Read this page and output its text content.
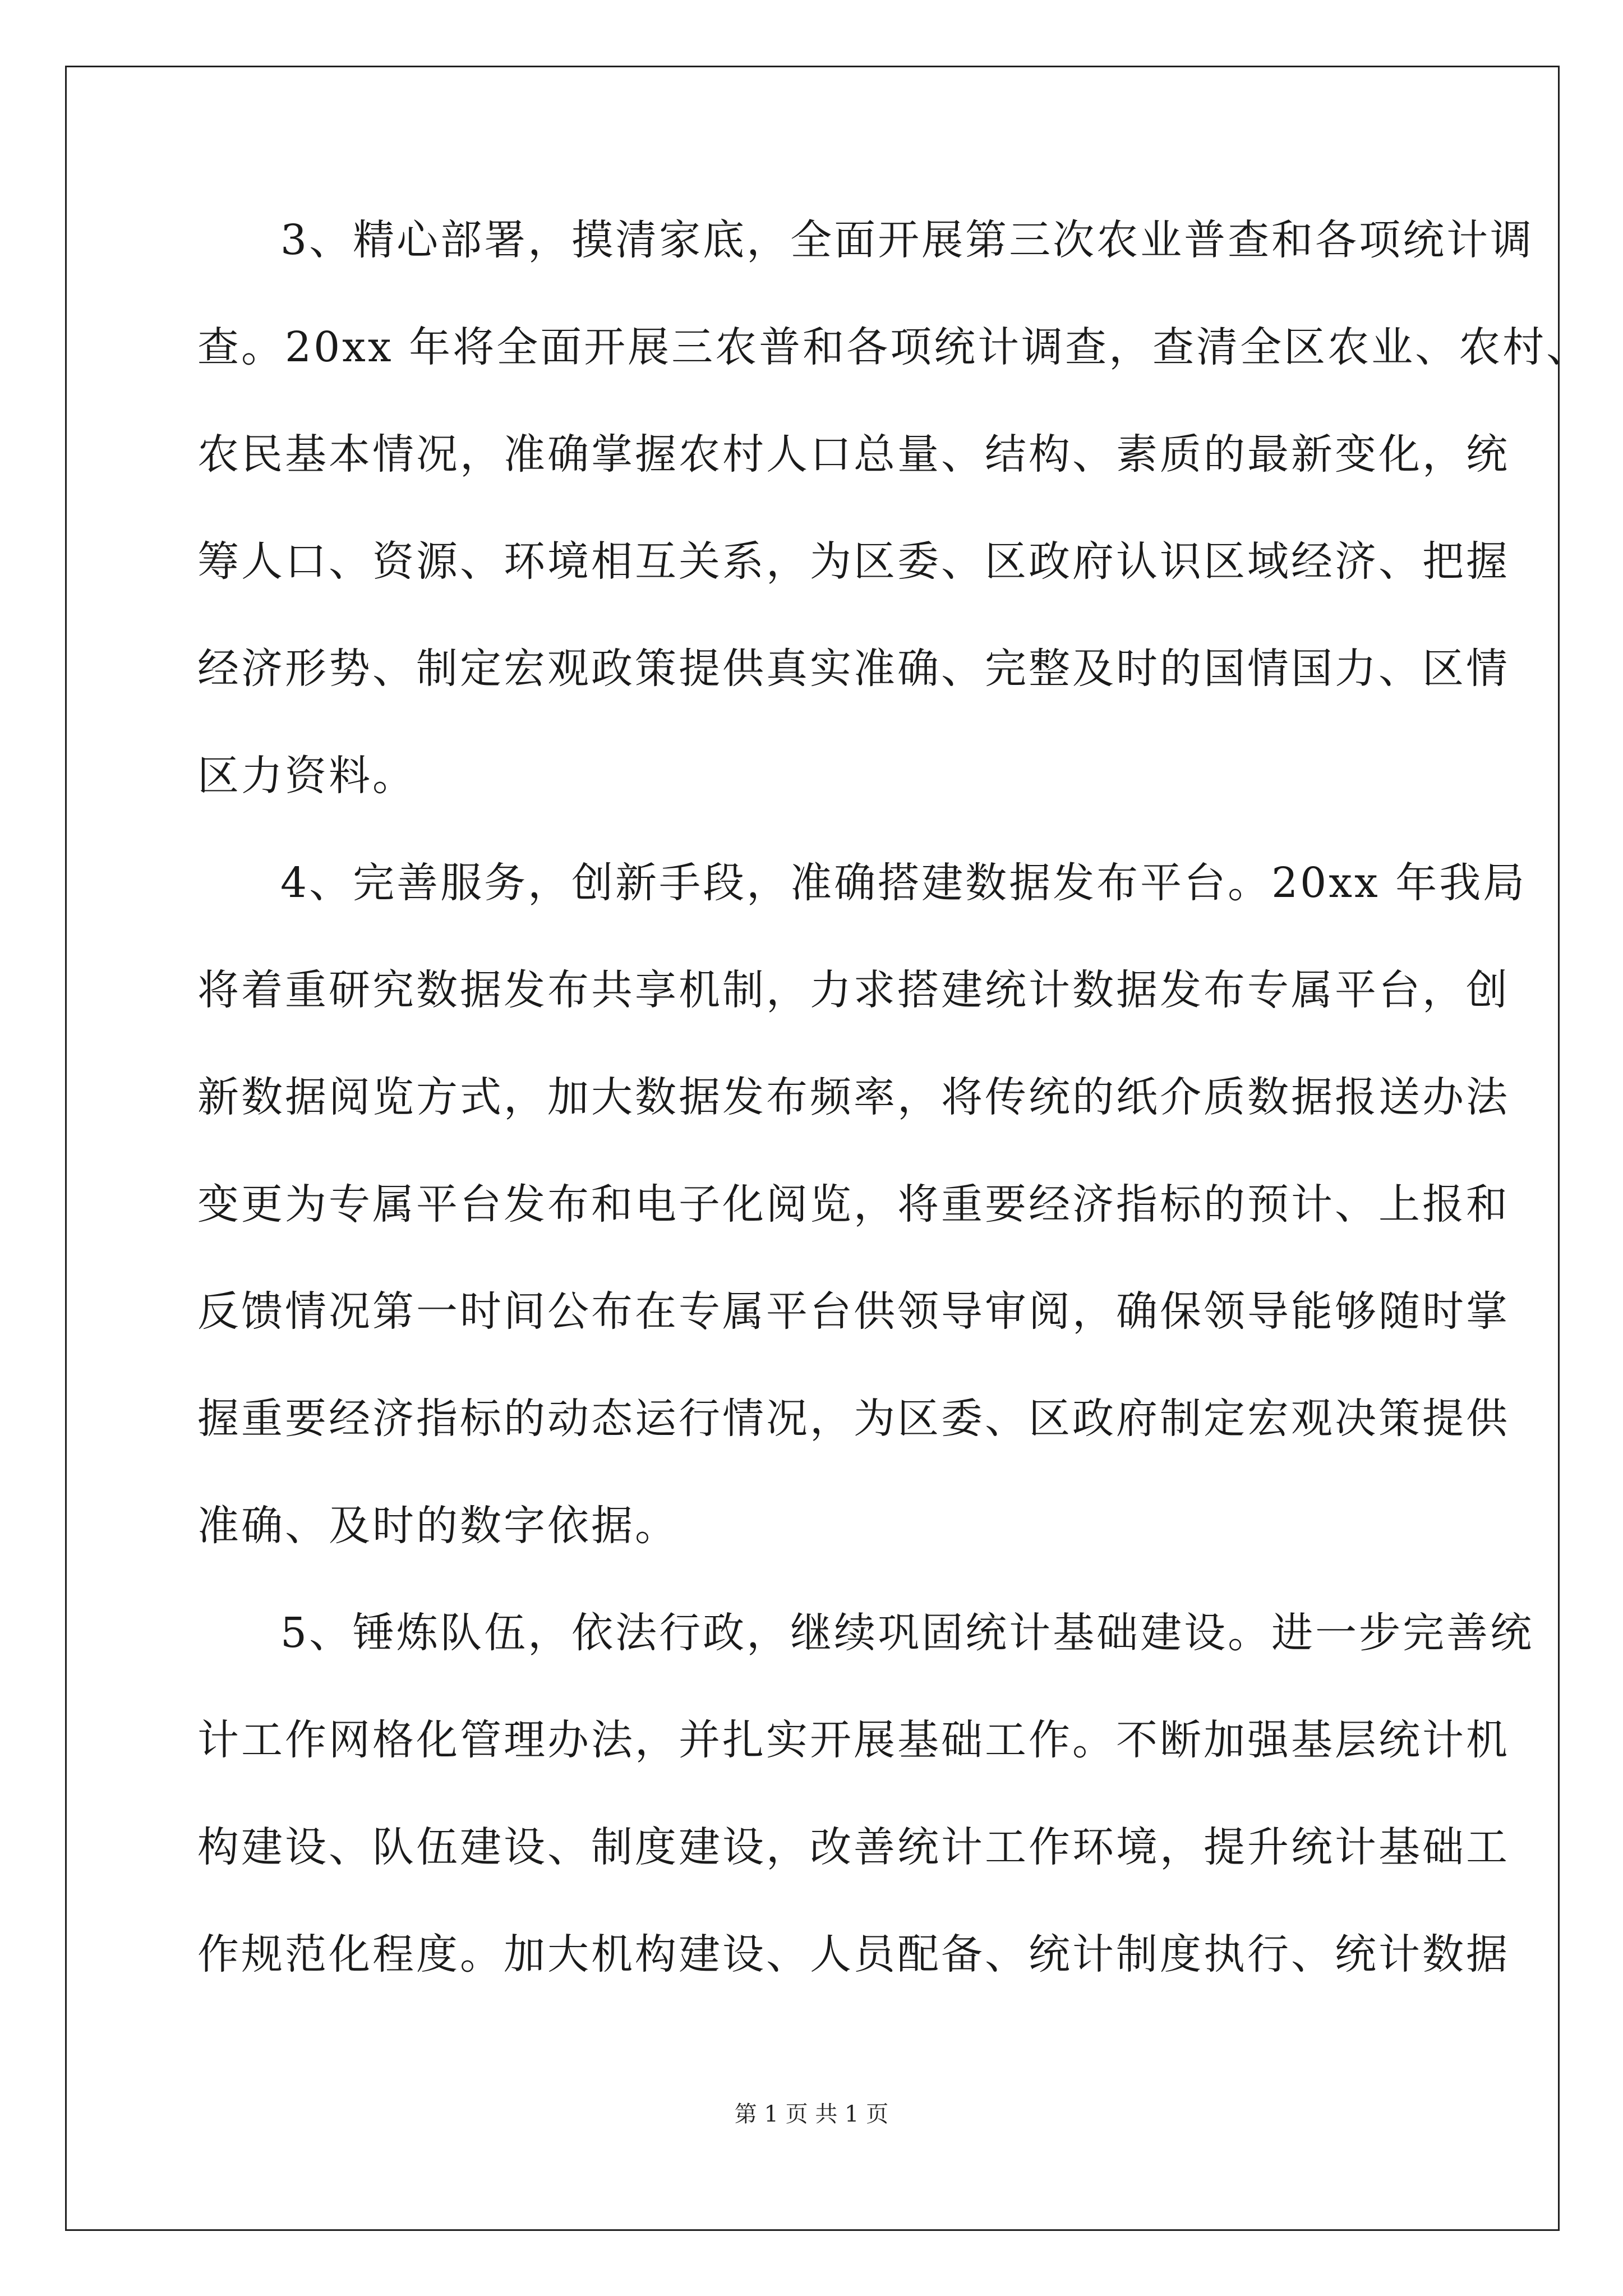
3、精心部署，摸清家底，全面开展第三次农业普查和各项统计调
查。20xx 年将全面开展三农普和各项统计调查，查清全区农业、农村、
农民基本情况，准确掌握农村人口总量、结构、素质的最新变化，统
筹人口、资源、环境相互关系，为区委、区政府认识区域经济、把握
经济形势、制定宏观政策提供真实准确、完整及时的国情国力、区情
区力资料。
4、完善服务，创新手段，准确搭建数据发布平台。20xx 年我局
将着重研究数据发布共享机制，力求搭建统计数据发布专属平台，创
新数据阅览方式，加大数据发布频率，将传统的纸介质数据报送办法
变更为专属平台发布和电子化阅览，将重要经济指标的预计、上报和
反馈情况第一时间公布在专属平台供领导审阅，确保领导能够随时掌
握重要经济指标的动态运行情况，为区委、区政府制定宏观决策提供
准确、及时的数字依据。
5、锤炼队伍，依法行政，继续巩固统计基础建设。进一步完善统
计工作网格化管理办法，并扎实开展基础工作。不断加强基层统计机
构建设、队伍建设、制度建设，改善统计工作环境，提升统计基础工
作规范化程度。加大机构建设、人员配备、统计制度执行、统计数据
第 1 页 共 1 页
